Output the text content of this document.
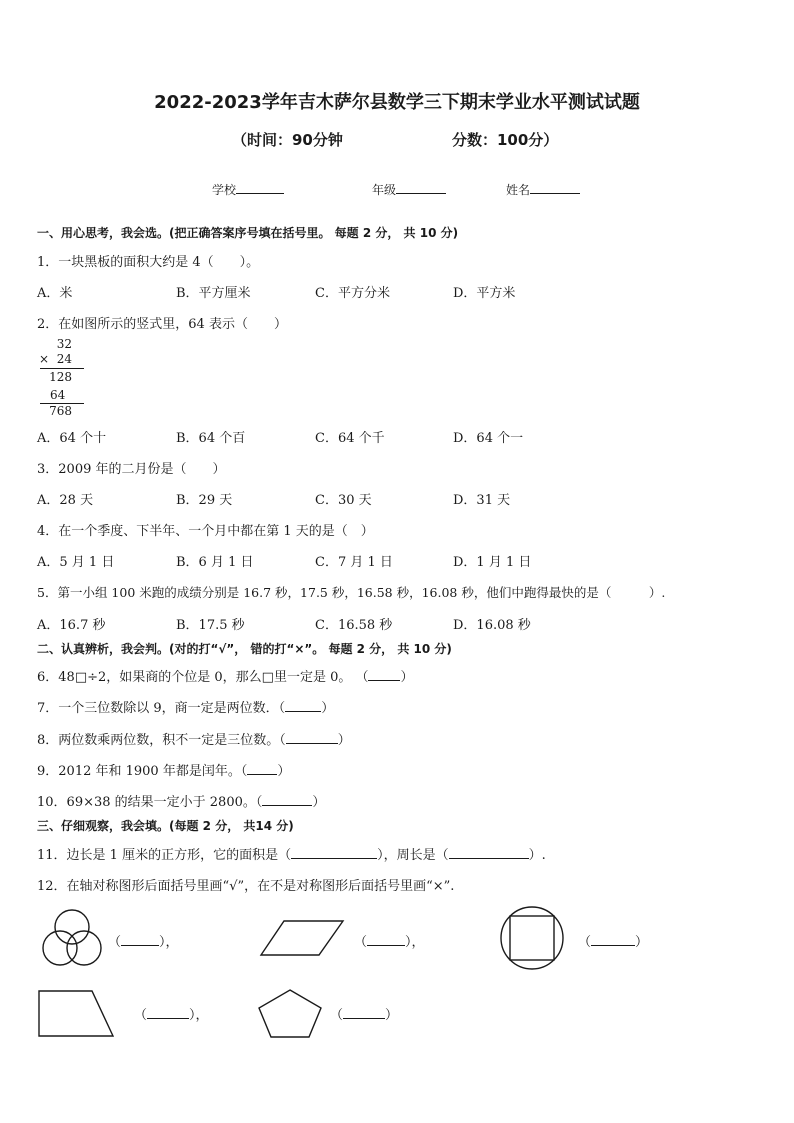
2022-2023学年吉木萨尔县数学三下期末学业水平测试试题
（时间：90分钟	分数：100分）
学校	年级	姓名
一、用心思考，我会选。(把正确答案序号填在括号里。 每题 2 分， 共 10 分)
1．一块黑板的面积大约是 4（　　）。
A．米	B．平方厘米	C．平方分米	D．平方米
2．在如图所示的竖式里，64 表示（　　）
32
× 24
128
64
768
A．64 个十	B．64 个百	C．64 个千	D．64 个一
3．2009 年的二月份是（　　）
A．28 天	B．29 天	C．30 天	D．31 天
4．在一个季度、下半年、一个月中都在第 1 天的是（　）
A．5 月 1 日	B．6 月 1 日	C．7 月 1 日	D．1 月 1 日
5．第一小组 100 米跑的成绩分别是 16.7 秒，17.5 秒，16.58 秒，16.08 秒，他们中跑得最快的是（　　　）.
A．16.7 秒	B．17.5 秒	C．16.58 秒	D．16.08 秒
二、认真辨析，我会判。(对的打“√”， 错的打“×”。 每题 2 分， 共 10 分)
6．48□÷2，如果商的个位是 0，那么□里一定是 0。 （ ）
7．一个三位数除以 9，商一定是两位数．（	）
8．两位数乘两位数，积不一定是三位数。（	）
9．2012 年和 1900 年都是闰年。（ ）
10．69×38 的结果一定小于 2800。（	）
三、仔细观察，我会填。(每题 2 分， 共14 分)
11．边长是 1 厘米的正方形，它的面积是（	），周长是（	）.
12．在轴对称图形后面括号里画“√”，在不是对称图形后面括号里画“×”.
（	），	（	），	（	）
（	），	（	）
